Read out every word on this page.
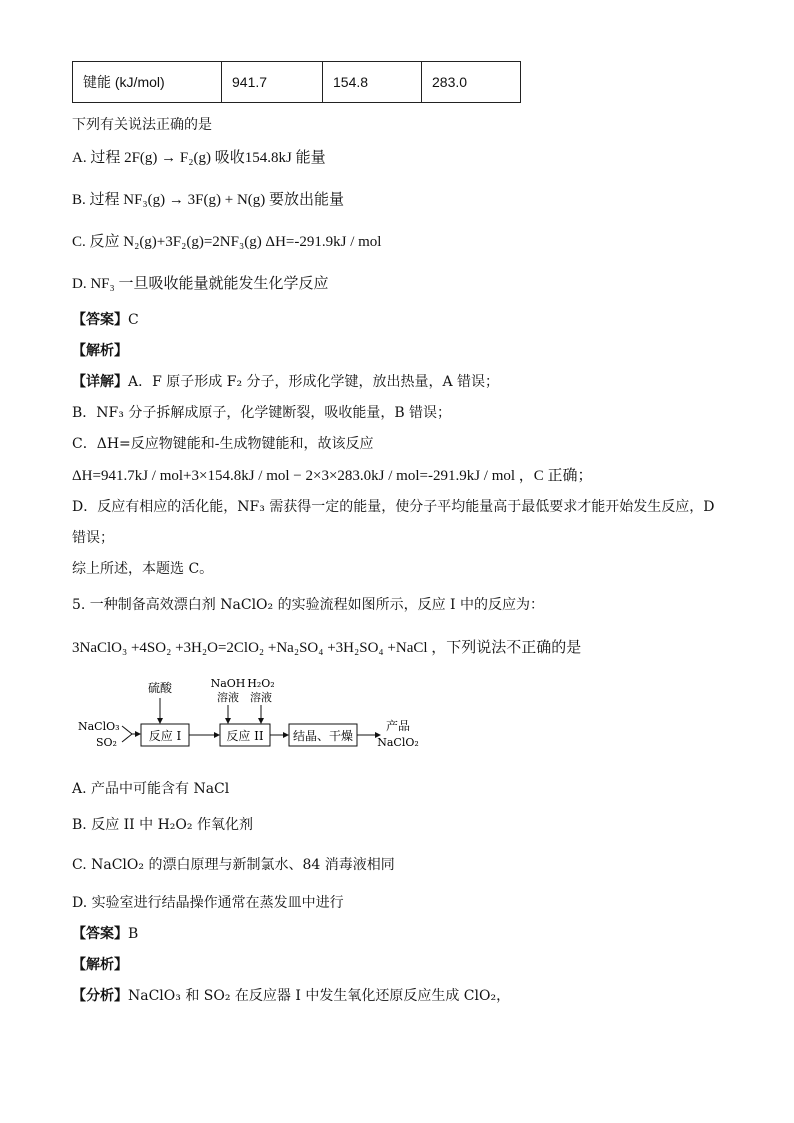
键能 (kJ/mol)	941.7	154.8	283.0
下列有关说法正确的是
A. 过程 2F(g) → F₂(g) 吸收154.8kJ 能量
B. 过程 NF₃(g) → 3F(g) + N(g) 要放出能量
C. 反应 N₂(g)+3F₂(g)=2NF₃(g) ΔH=-291.9kJ / mol
D. NF₃ 一旦吸收能量就能发生化学反应
【答案】C
【解析】
【详解】A．F 原子形成 F₂ 分子，形成化学键，放出热量，A 错误；
B．NF₃ 分子拆解成原子，化学键断裂，吸收能量，B 错误；
C．ΔH=反应物键能和-生成物键能和，故该反应
ΔH=941.7kJ / mol+3×154.8kJ / mol − 2×3×283.0kJ / mol=-291.9kJ / mol ，C 正确；
D．反应有相应的活化能，NF₃ 需获得一定的能量，使分子平均能量高于最低要求才能开始发生反应，D
错误；
综上所述，本题选 C。
5. 一种制备高效漂白剂 NaClO₂ 的实验流程如图所示，反应 I 中的反应为：
3NaClO₃ +4SO₂ +3H₂O=2ClO₂ +Na₂SO₄ +3H₂SO₄ +NaCl ，下列说法不正确的是
NaClO₃
SO₂	反应 I
硫酸
反应 II
NaOH
溶液
H₂O₂
溶液
结晶、干燥
产品
NaClO₂
A. 产品中可能含有 NaCl
B. 反应 II 中 H₂O₂ 作氧化剂
C. NaClO₂ 的漂白原理与新制氯水、84 消毒液相同
D. 实验室进行结晶操作通常在蒸发皿中进行
【答案】B
【解析】
【分析】NaClO₃ 和 SO₂ 在反应器 I 中发生氧化还原反应生成 ClO₂，
